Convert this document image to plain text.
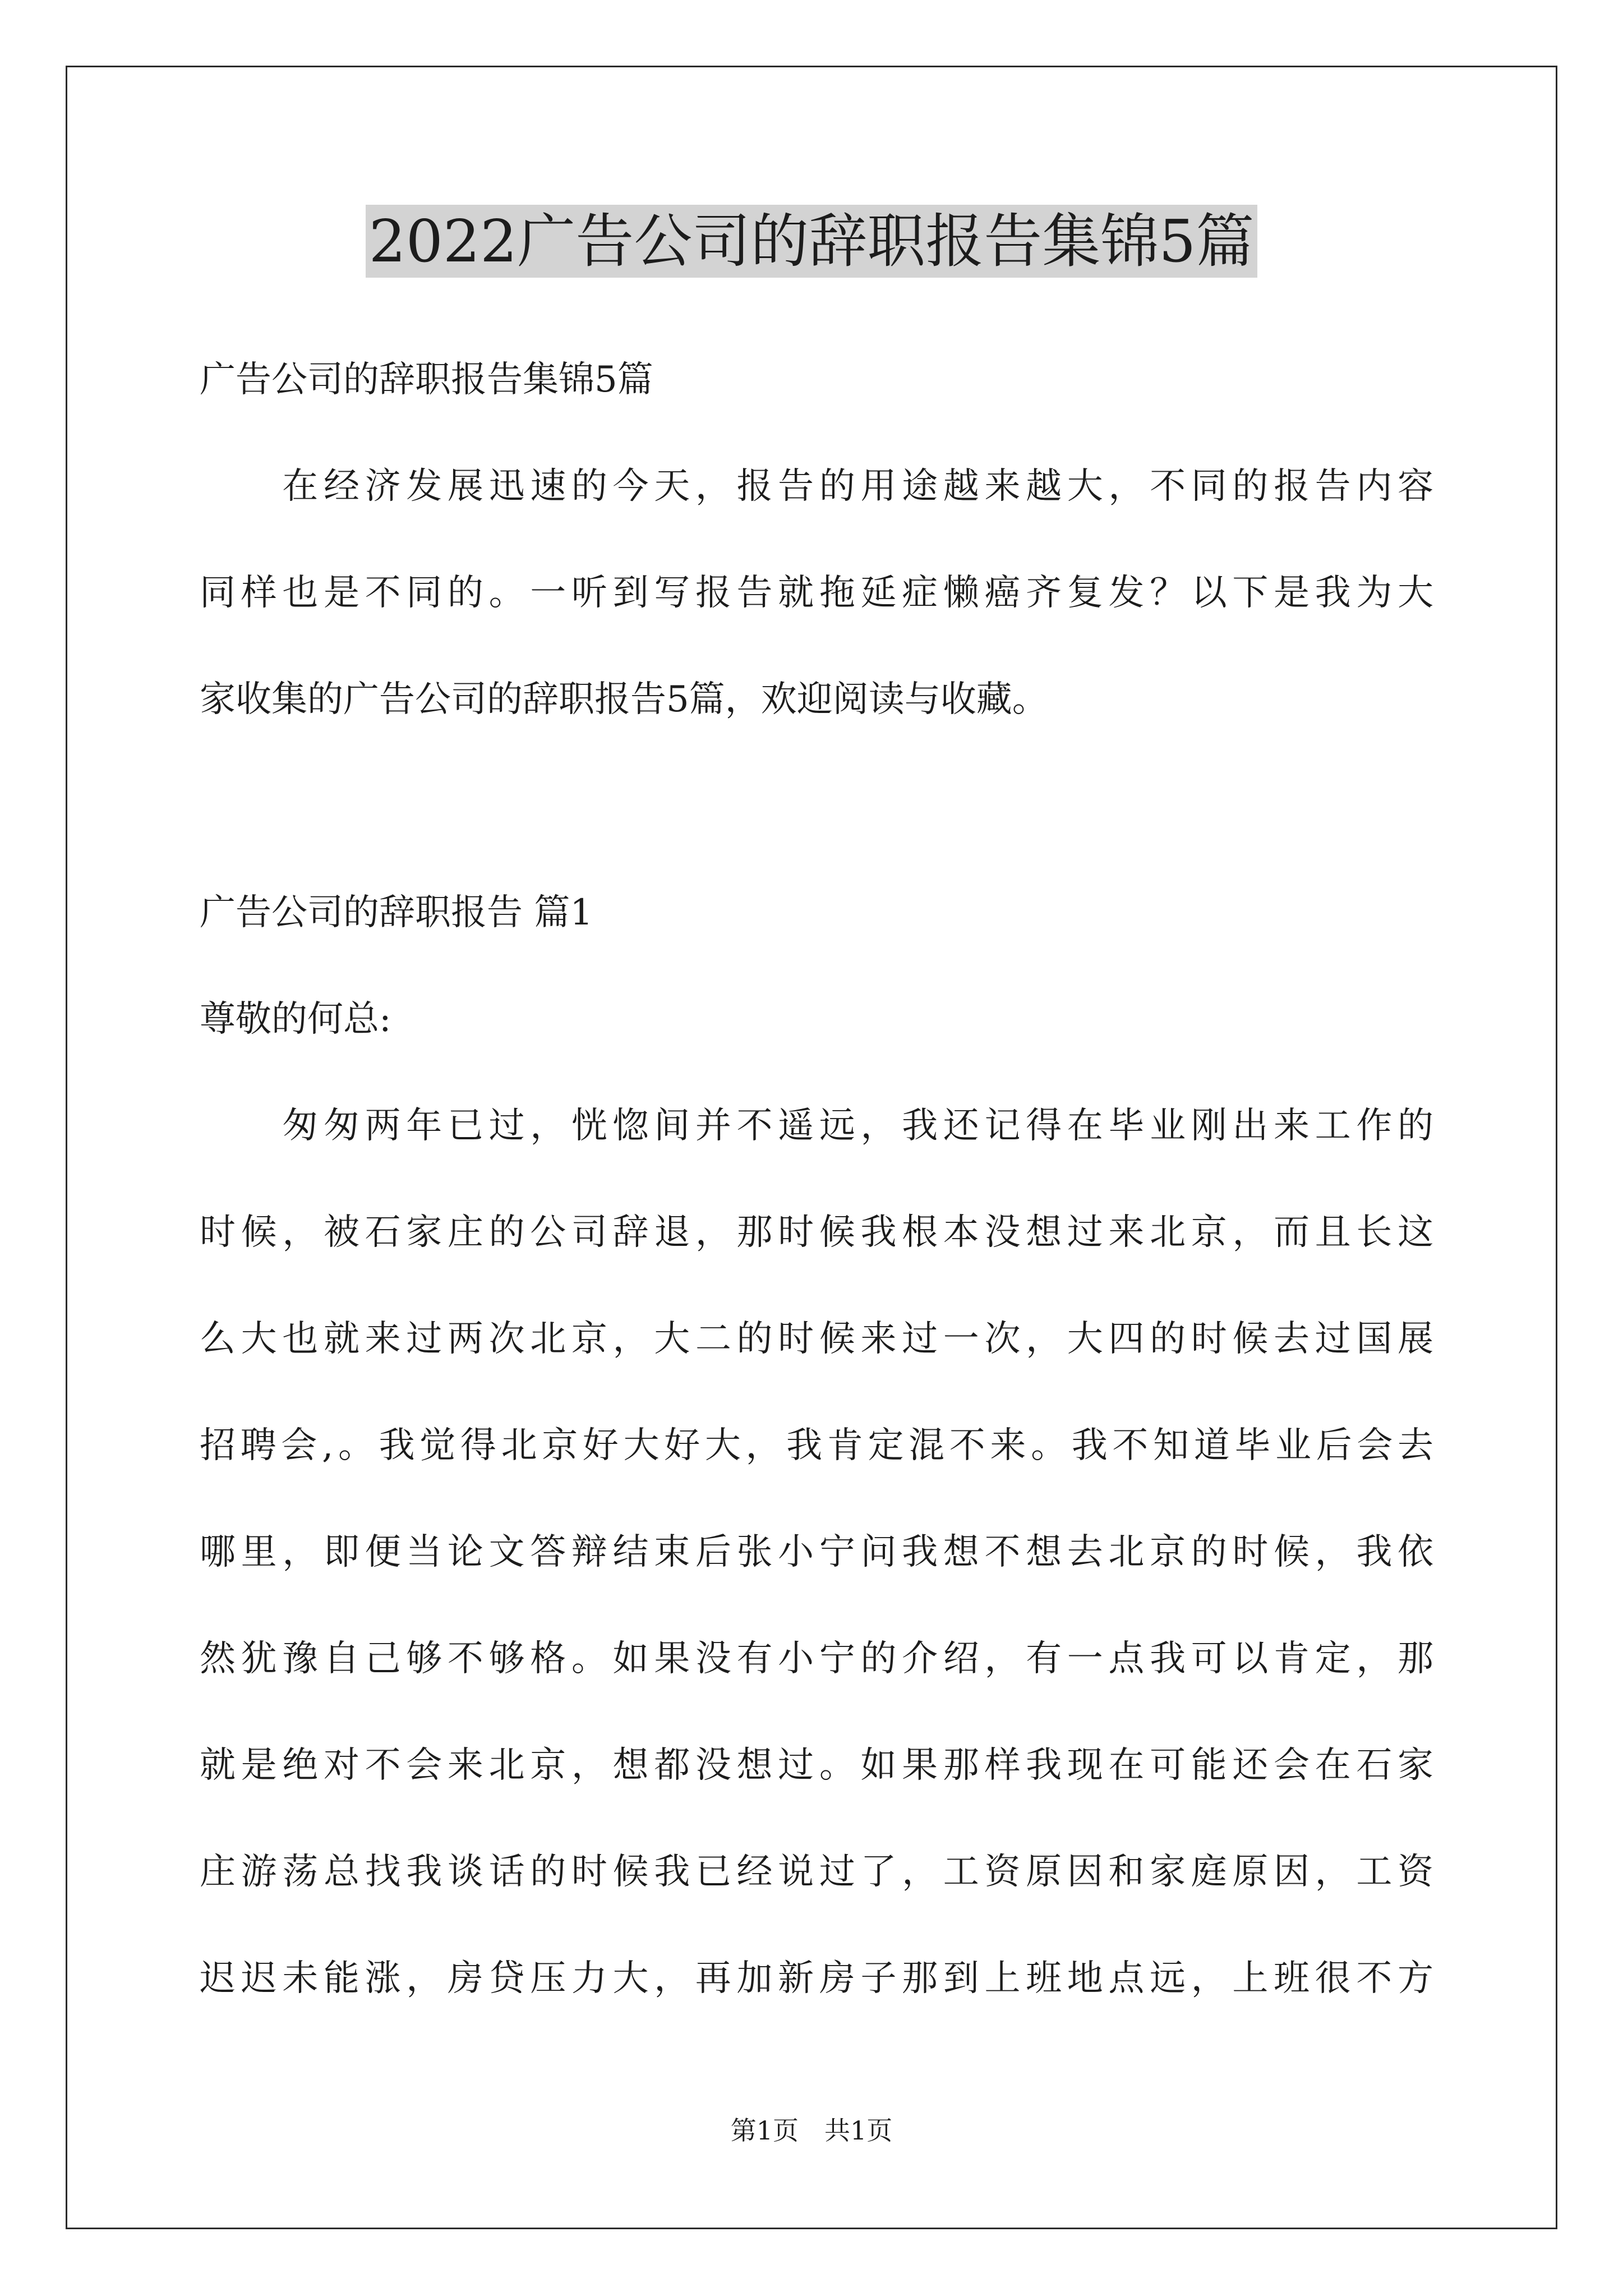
2022广告公司的辞职报告集锦5篇
广告公司的辞职报告集锦5篇
　　在经济发展迅速的今天，报告的用途越来越大，不同的报告内容
同样也是不同的。一听到写报告就拖延症懒癌齐复发？以下是我为大
家收集的广告公司的辞职报告5篇，欢迎阅读与收藏。
广告公司的辞职报告 篇1
尊敬的何总:
　　匆匆两年已过，恍惚间并不遥远，我还记得在毕业刚出来工作的
时候，被石家庄的公司辞退，那时候我根本没想过来北京，而且长这
么大也就来过两次北京，大二的时候来过一次，大四的时候去过国展
招聘会,。我觉得北京好大好大，我肯定混不来。我不知道毕业后会去
哪里，即便当论文答辩结束后张小宁问我想不想去北京的时候，我依
然犹豫自己够不够格。如果没有小宁的介绍，有一点我可以肯定，那
就是绝对不会来北京，想都没想过。如果那样我现在可能还会在石家
庄游荡总找我谈话的时候我已经说过了，工资原因和家庭原因，工资
迟迟未能涨，房贷压力大，再加新房子那到上班地点远，上班很不方
第1页　共1页
